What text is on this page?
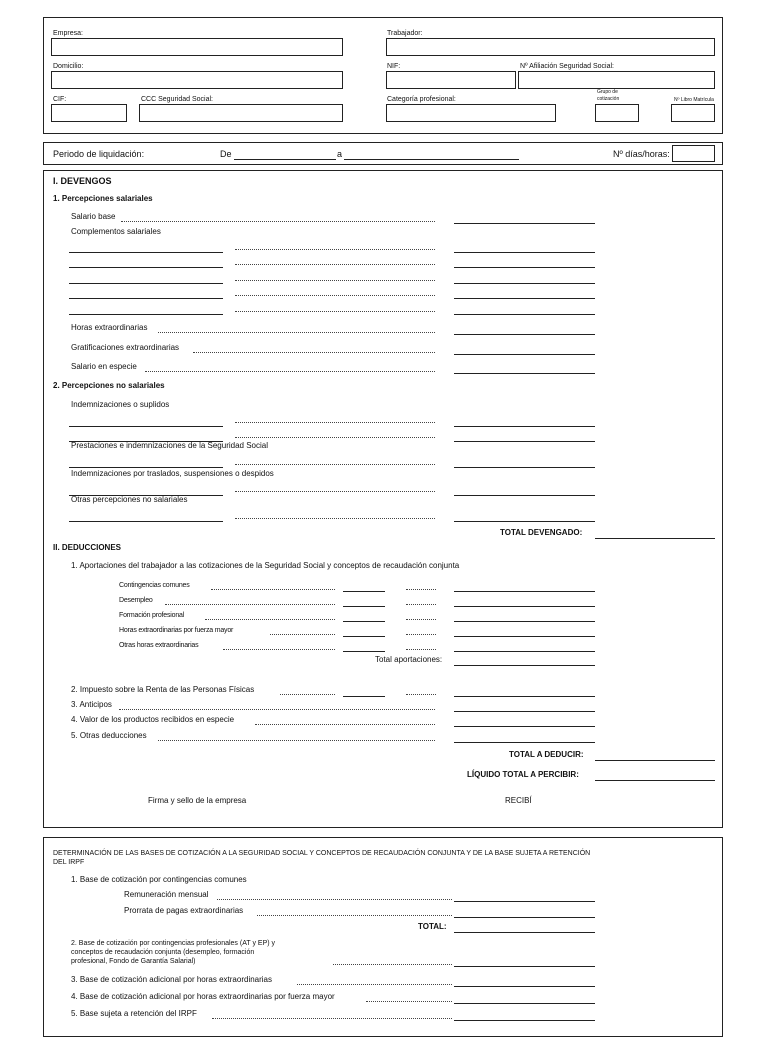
Empresa:	Trabajador:
Domicilio:	NIF:	Nº Afiliación Seguridad Social:
CIF:	CCC Seguridad Social:	Categoría profesional:
Grupo de
cotización	Nº Libro Matrícula
Periodo de liquidación:	De	a	Nº días/horas:
I. DEVENGOS
1. Percepciones salariales
Salario base
Complementos salariales
Horas extraordinarias
Gratificaciones extraordinarias
Salario en especie
2. Percepciones no salariales
Indemnizaciones o suplidos
Prestaciones e indemnizaciones de la Seguridad Social
Indemnizaciones por traslados, suspensiones o despidos
Otras percepciones no salariales
TOTAL DEVENGADO:
II. DEDUCCIONES
1. Aportaciones del trabajador a las cotizaciones de la Seguridad Social y conceptos de recaudación conjunta
Contingencias comunes
Desempleo
Formación profesional
Horas extraordinarias por fuerza mayor
Otras horas extraordinarias
Total aportaciones:
2. Impuesto sobre la Renta de las Personas Físicas
3. Anticipos
4. Valor de los productos recibidos en especie
5. Otras deducciones
TOTAL A DEDUCIR:
LÍQUIDO TOTAL A PERCIBIR:
Firma y sello de la empresa	RECIBÍ
DETERMINACIÓN DE LAS BASES DE COTIZACIÓN A LA SEGURIDAD SOCIAL Y CONCEPTOS DE RECAUDACIÓN CONJUNTA Y DE LA BASE SUJETA A RETENCIÓN
DEL IRPF
1. Base de cotización por contingencias comunes
Remuneración mensual
Prorrata de pagas extraordinarias
TOTAL:
2. Base de cotización por contingencias profesionales (AT y EP) y
conceptos de recaudación conjunta (desempleo, formación
profesional, Fondo de Garantía Salarial)
3. Base de cotización adicional por horas extraordinarias
4. Base de cotización adicional por horas extraordinarias por fuerza mayor
5. Base sujeta a retención del IRPF
